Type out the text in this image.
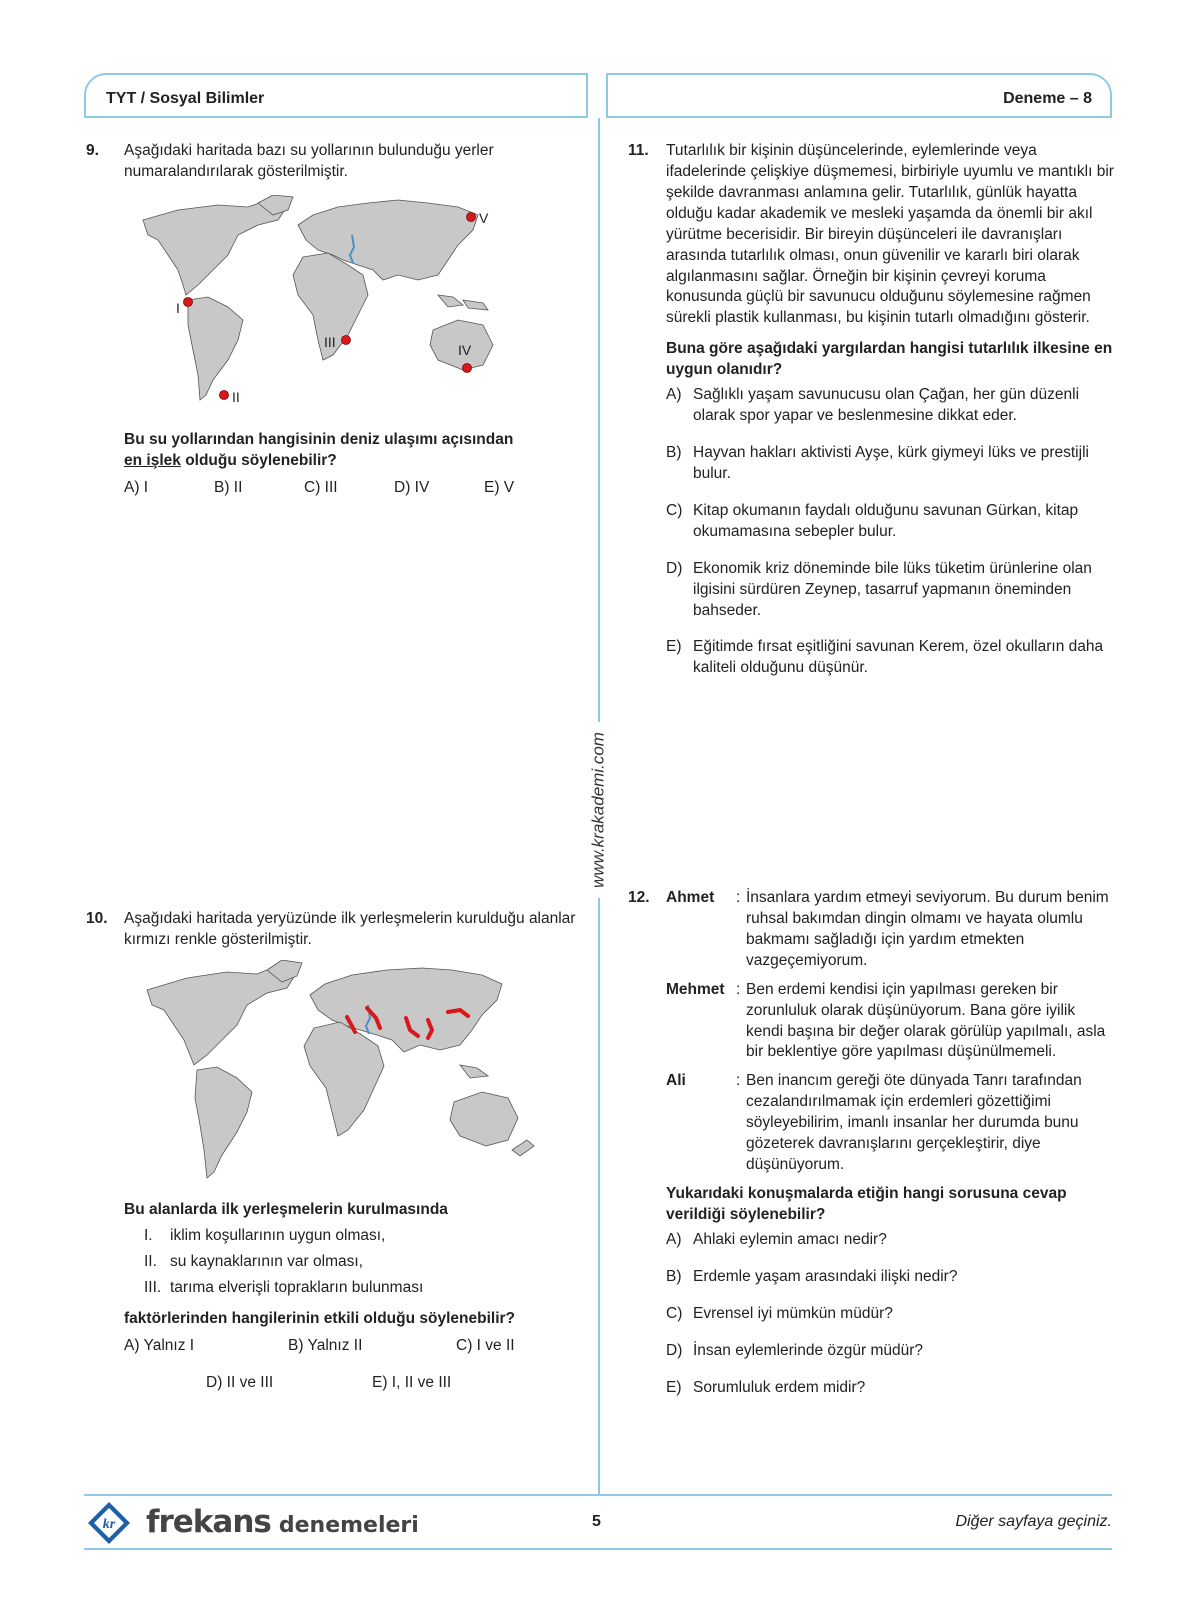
TYT / Sosyal Bilimler	Deneme – 8
www.krakademi.com
9. Aşağıdaki haritada bazı su yollarının bulunduğu yerler numaralandırılarak gösterilmiştir.
I
II
III	IV
V
Bu su yollarından hangisinin deniz ulaşımı açısından
en işlek olduğu söylenebilir?
A) I	B) II	C) III	D) IV	E) V
10. Aşağıdaki haritada yeryüzünde ilk yerleşmelerin kurulduğu alanlar kırmızı renkle gösterilmiştir.
Bu alanlarda ilk yerleşmelerin kurulmasında
I.	iklim koşullarının uygun olması,
II. su kaynaklarının var olması,
III. tarıma elverişli toprakların bulunması
faktörlerinden hangilerinin etkili olduğu söylenebilir?
A) Yalnız I	B) Yalnız II	C) I ve II
D) II ve III	E) I, II ve III
11. Tutarlılık bir kişinin düşüncelerinde, eylemlerinde veya ifadelerinde çelişkiye düşmemesi, birbiriyle uyumlu ve mantıklı bir şekilde davranması anlamına gelir. Tutarlılık, günlük hayatta olduğu kadar akademik ve mesleki yaşamda da önemli bir akıl yürütme becerisidir. Bir bireyin düşünceleri ile davranışları arasında tutarlılık olması, onun güvenilir ve kararlı biri olarak algılanmasını sağlar. Örneğin bir kişinin çevreyi koruma konusunda güçlü bir savunucu olduğunu söylemesine rağmen sürekli plastik kullanması, bu kişinin tutarlı olmadığını gösterir.
Buna göre aşağıdaki yargılardan hangisi tutarlılık ilkesine en uygun olanıdır?
A) Sağlıklı yaşam savunucusu olan Çağan, her gün düzenli olarak spor yapar ve beslenmesine dikkat eder.
B) Hayvan hakları aktivisti Ayşe, kürk giymeyi lüks ve prestijli bulur.
C) Kitap okumanın faydalı olduğunu savunan Gürkan, kitap okumamasına sebepler bulur.
D) Ekonomik kriz döneminde bile lüks tüketim ürünlerine olan ilgisini sürdüren Zeynep, tasarruf yapmanın öneminden bahseder.
E) Eğitimde fırsat eşitliğini savunan Kerem, özel okulların daha kaliteli olduğunu düşünür.
12. Ahmet	: İnsanlara yardım etmeyi seviyorum. Bu durum benim ruhsal bakımdan dingin olmamı ve hayata olumlu bakmamı sağladığı için yardım etmekten vazgeçemiyorum.
Mehmet : Ben erdemi kendisi için yapılması gereken bir zorunluluk olarak düşünüyorum. Bana göre iyilik kendi başına bir değer olarak görülüp yapılmalı, asla bir beklentiye göre yapılması düşünülmemeli.
Ali	: Ben inancım gereği öte dünyada Tanrı tarafından cezalandırılmamak için erdemleri gözettiğimi söyleyebilirim, imanlı insanlar her durumda bunu gözeterek davranışlarını gerçekleştirir, diye düşünüyorum.
Yukarıdaki konuşmalarda etiğin hangi sorusuna cevap verildiği söylenebilir?
A) Ahlaki eylemin amacı nedir?
B) Erdemle yaşam arasındaki ilişki nedir?
C) Evrensel iyi mümkün müdür?
D) İnsan eylemlerinde özgür müdür?
E) Sorumluluk erdem midir?
kr frekans denemeleri	5	Diğer sayfaya geçiniz.
